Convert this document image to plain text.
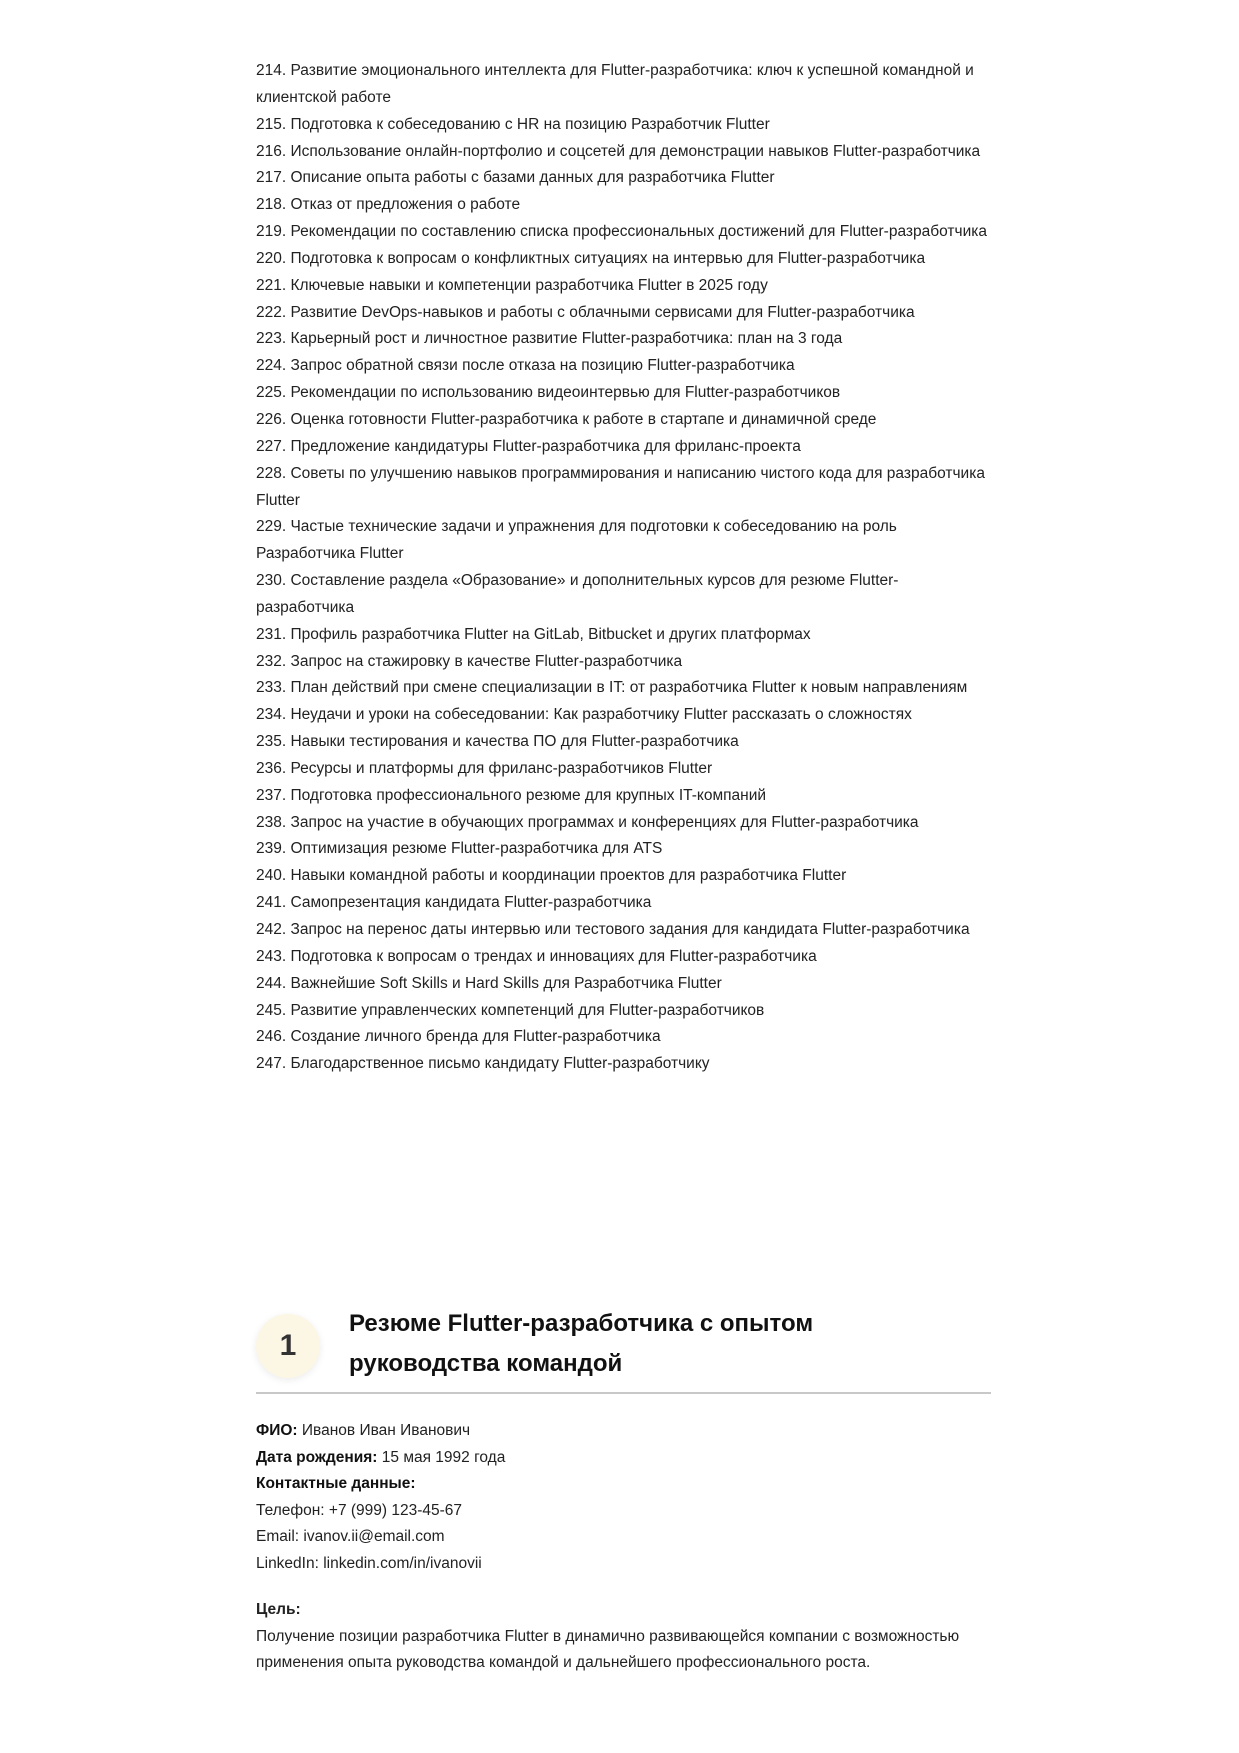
214. Развитие эмоционального интеллекта для Flutter-разработчика: ключ к успешной командной и клиентской работе
215. Подготовка к собеседованию с HR на позицию Разработчик Flutter
216. Использование онлайн-портфолио и соцсетей для демонстрации навыков Flutter-разработчика
217. Описание опыта работы с базами данных для разработчика Flutter
218. Отказ от предложения о работе
219. Рекомендации по составлению списка профессиональных достижений для Flutter-разработчика
220. Подготовка к вопросам о конфликтных ситуациях на интервью для Flutter-разработчика
221. Ключевые навыки и компетенции разработчика Flutter в 2025 году
222. Развитие DevOps-навыков и работы с облачными сервисами для Flutter-разработчика
223. Карьерный рост и личностное развитие Flutter-разработчика: план на 3 года
224. Запрос обратной связи после отказа на позицию Flutter-разработчика
225. Рекомендации по использованию видеоинтервью для Flutter-разработчиков
226. Оценка готовности Flutter-разработчика к работе в стартапе и динамичной среде
227. Предложение кандидатуры Flutter-разработчика для фриланс-проекта
228. Советы по улучшению навыков программирования и написанию чистого кода для разработчика Flutter
229. Частые технические задачи и упражнения для подготовки к собеседованию на роль Разработчика Flutter
230. Составление раздела «Образование» и дополнительных курсов для резюме Flutter-разработчика
231. Профиль разработчика Flutter на GitLab, Bitbucket и других платформах
232. Запрос на стажировку в качестве Flutter-разработчика
233. План действий при смене специализации в IT: от разработчика Flutter к новым направлениям
234. Неудачи и уроки на собеседовании: Как разработчику Flutter рассказать о сложностях
235. Навыки тестирования и качества ПО для Flutter-разработчика
236. Ресурсы и платформы для фриланс-разработчиков Flutter
237. Подготовка профессионального резюме для крупных IT-компаний
238. Запрос на участие в обучающих программах и конференциях для Flutter-разработчика
239. Оптимизация резюме Flutter-разработчика для ATS
240. Навыки командной работы и координации проектов для разработчика Flutter
241. Самопрезентация кандидата Flutter-разработчика
242. Запрос на перенос даты интервью или тестового задания для кандидата Flutter-разработчика
243. Подготовка к вопросам о трендах и инновациях для Flutter-разработчика
244. Важнейшие Soft Skills и Hard Skills для Разработчика Flutter
245. Развитие управленческих компетенций для Flutter-разработчиков
246. Создание личного бренда для Flutter-разработчика
247. Благодарственное письмо кандидату Flutter-разработчику
1
Резюме Flutter-разработчика с опытом руководства командой

ФИО: Иванов Иван Иванович

Дата рождения: 15 мая 1992 года

Контактные данные:

Телефон: +7 (999) 123-45-67

Email: ivanov.ii@email.com

LinkedIn: linkedin.com/in/ivanovii

Цель:

Получение позиции разработчика Flutter в динамично развивающейся компании с возможностью применения опыта руководства командой и дальнейшего профессионального роста.
